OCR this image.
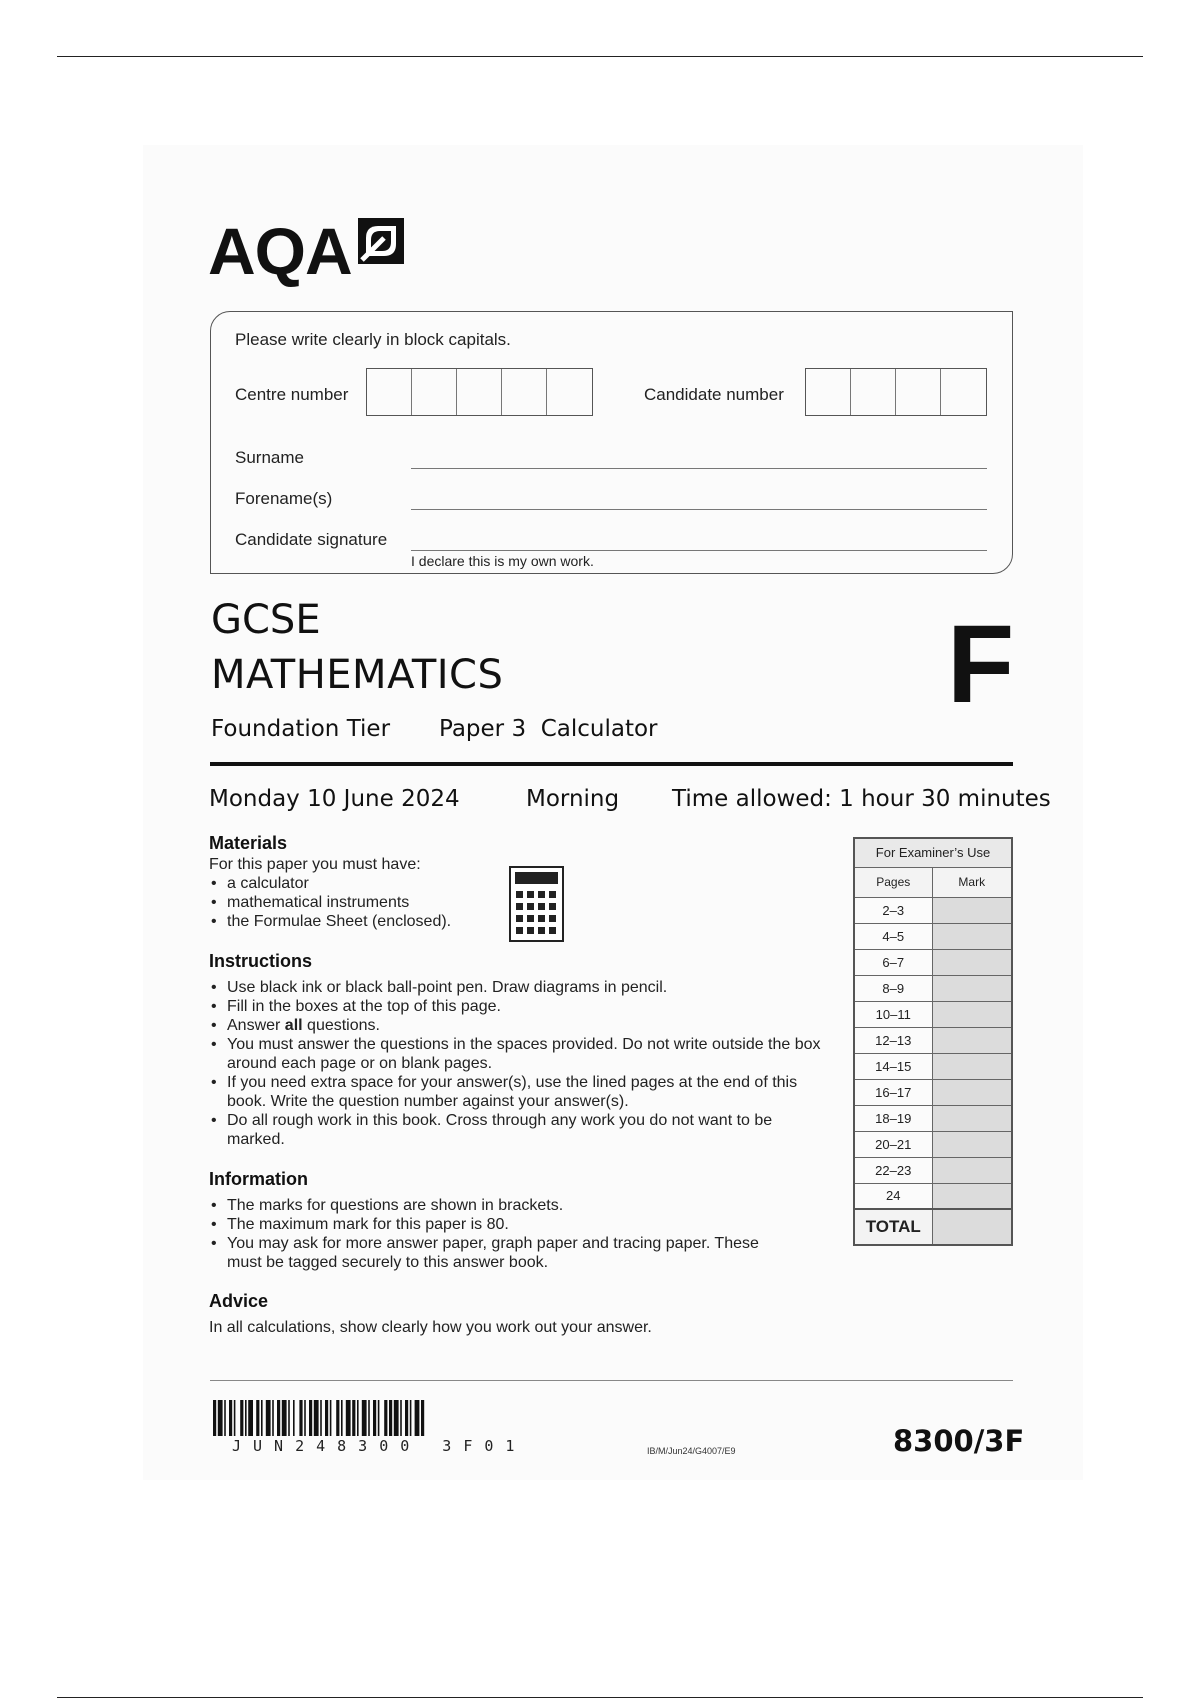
AQA
Please write clearly in block capitals.
Centre number	Candidate number
Surname
Forename(s)
Candidate signature
I declare this is my own work.
GCSE
MATHEMATICS
Foundation Tier Paper 3  Calculator
F
Monday 10 June 2024	Morning Time allowed: 1 hour 30 minutes
Materials
For this paper you must have:
• a calculator
• mathematical instruments
• the Formulae Sheet (enclosed).
Instructions
• Use black ink or black ball-point pen. Draw diagrams in pencil.
• Fill in the boxes at the top of this page.
• Answer all questions.
• You must answer the questions in the spaces provided. Do not write outside the box around each page or on blank pages.
• If you need extra space for your answer(s), use the lined pages at the end of this book. Write the question number against your answer(s).
• Do all rough work in this book. Cross through any work you do not want to be marked.
Information
• The marks for questions are shown in brackets.
• The maximum mark for this paper is 80.
• You may ask for more answer paper, graph paper and tracing paper. These must be tagged securely to this answer book.
Advice
In all calculations, show clearly how you work out your answer.
For Examiner’s Use	
Pages	Mark
2–3	
4–5	
6–7	
8–9	
10–11	
12–13	
14–15	
16–17	
18–19	
20–21	
22–23	
24	
TOTAL	
JUN248300 3F01	IB/M/Jun24/G4007/E9	8300/3F
